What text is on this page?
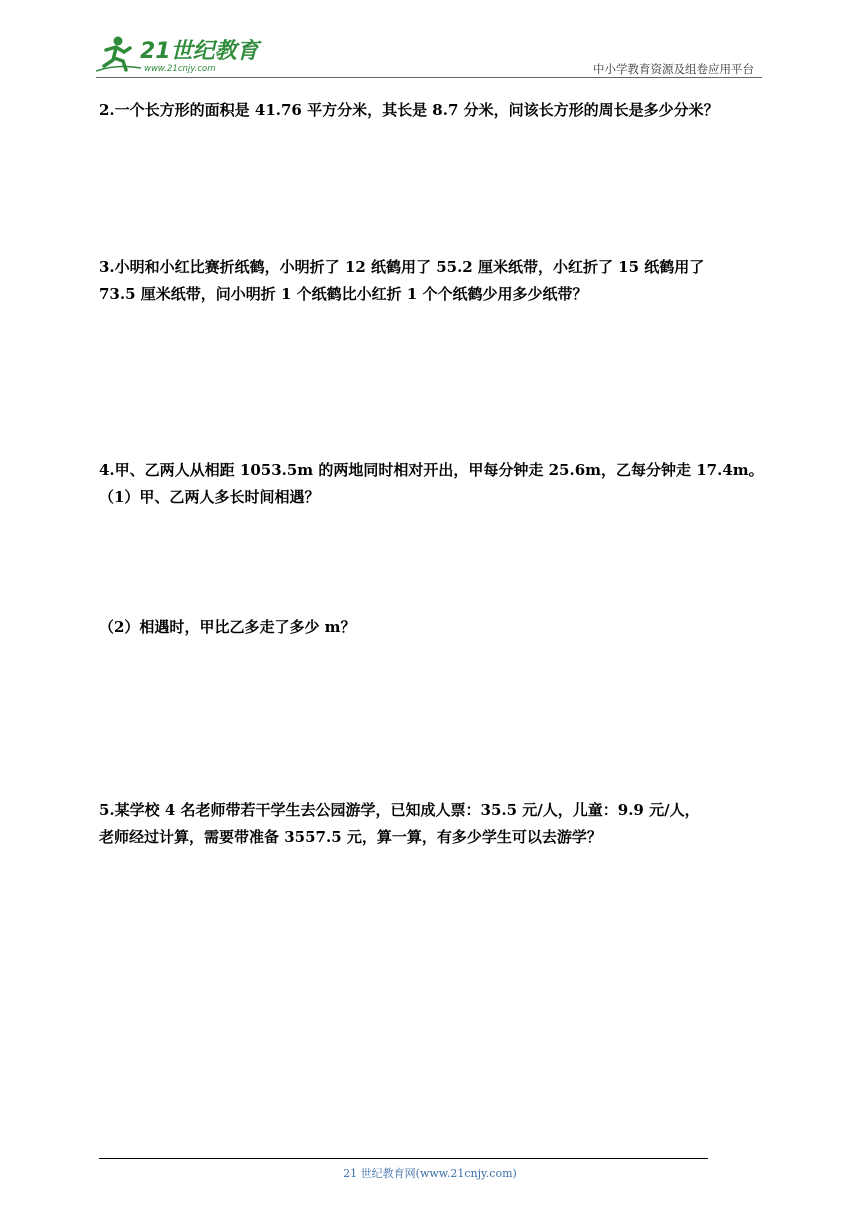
21世纪教育
www.21cnjy.com	中小学教育资源及组卷应用平台

2.一个长方形的面积是 41.76 平方分米，其长是 8.7 分米，问该长方形的周长是多少分米？

3.小明和小红比赛折纸鹤，小明折了 12 纸鹤用了 55.2 厘米纸带，小红折了 15 纸鹤用了

73.5 厘米纸带，问小明折 1 个纸鹤比小红折 1 个个纸鹤少用多少纸带？

4.甲、乙两人从相距 1053.5m 的两地同时相对开出，甲每分钟走 25.6m，乙每分钟走 17.4m。

（1）甲、乙两人多长时间相遇？

（2）相遇时，甲比乙多走了多少 m？

5.某学校 4 名老师带若干学生去公园游学，已知成人票：35.5 元/人，儿童：9.9 元/人，

老师经过计算，需要带准备 3557.5 元，算一算，有多少学生可以去游学？

21 世纪教育网(www.21cnjy.com)
